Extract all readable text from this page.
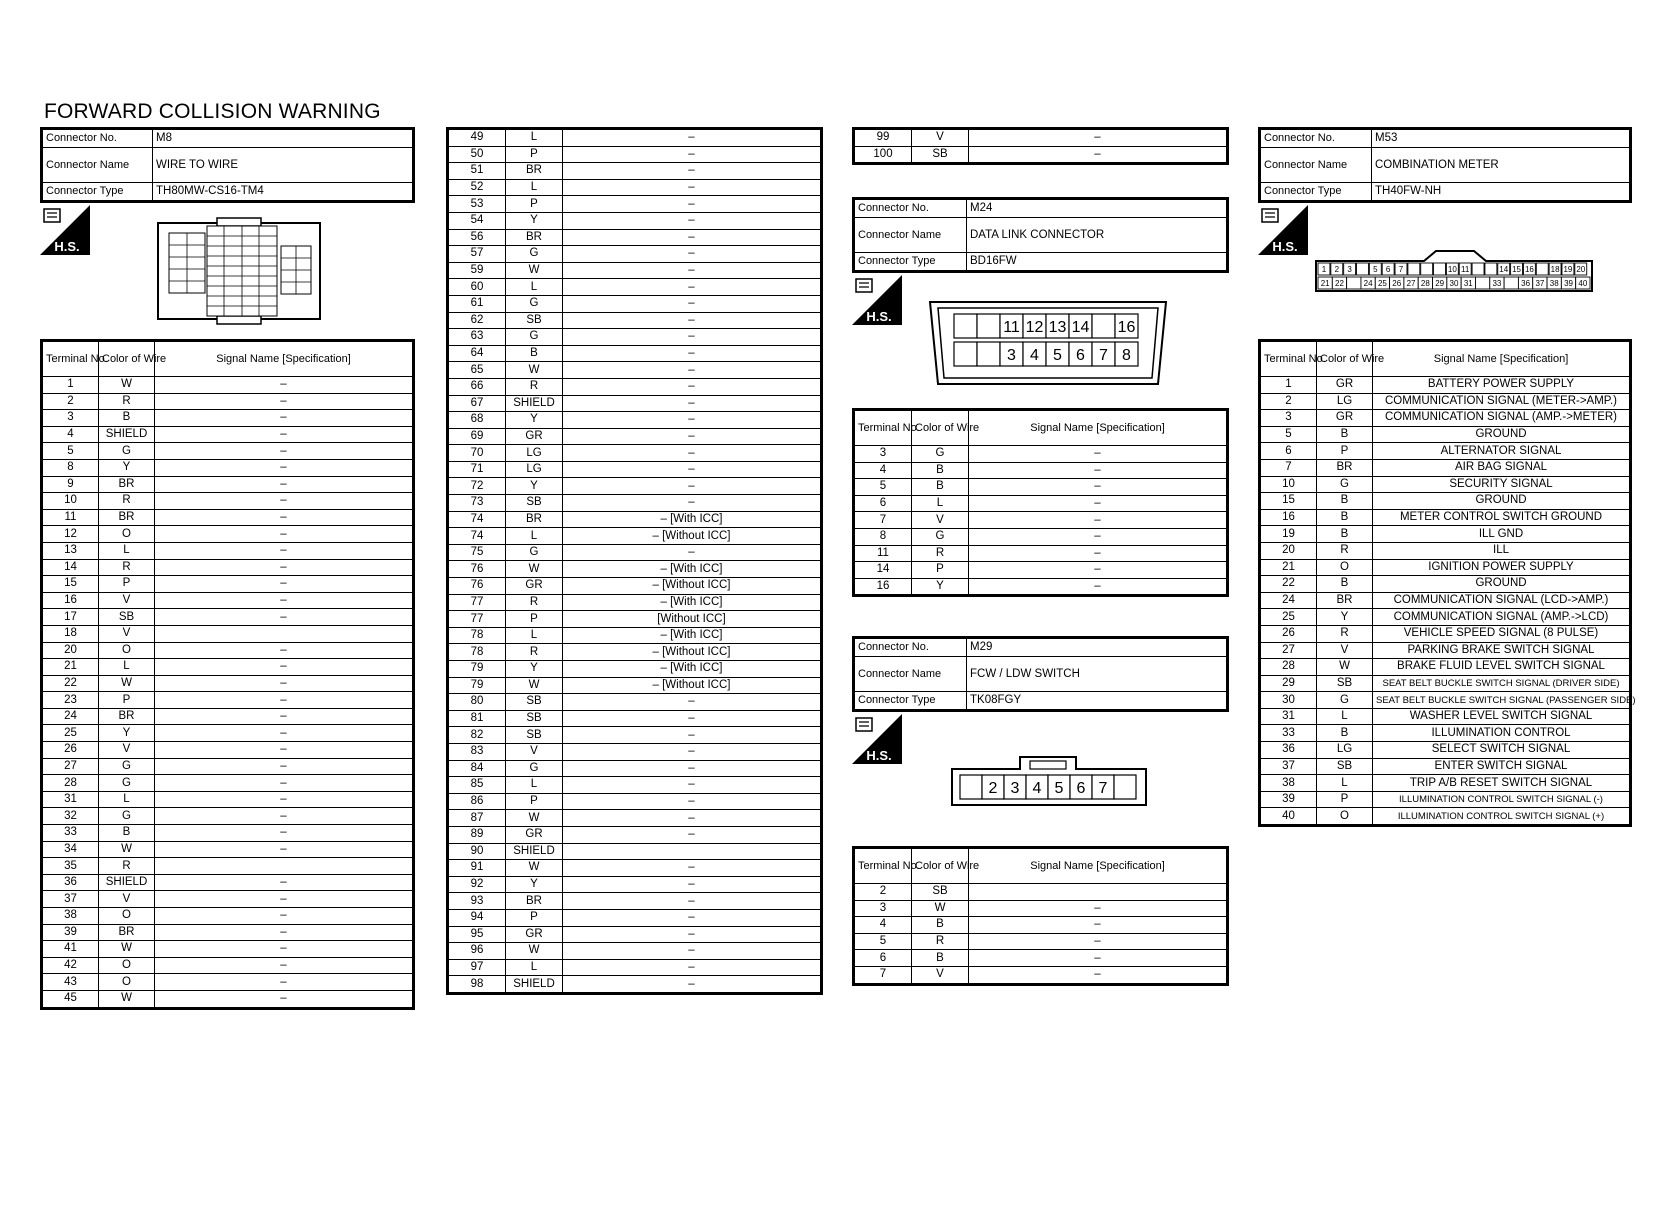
FORWARD COLLISION WARNING
Connector No.	M8
Connector Name	WIRE TO WIRE
Connector Type	TH80MW-CS16-TM4
H.S.
Terminal No.	Color of Wire	Signal Name [Specification]
1	W	–
2	R	–
3	B	–
4	SHIELD	–
5	G	–
8	Y	–
9	BR	–
10	R	–
11	BR	–
12	O	–
13	L	–
14	R	–
15	P	–
16	V	–
17	SB	–
18	V	
20	O	–
21	L	–
22	W	–
23	P	–
24	BR	–
25	Y	–
26	V	–
27	G	–
28	G	–
31	L	–
32	G	–
33	B	–
34	W	–
35	R	
36	SHIELD	–
37	V	–
38	O	–
39	BR	–
41	W	–
42	O	–
43	O	–
45	W	–
49	L	–
50	P	–
51	BR	–
52	L	–
53	P	–
54	Y	–
56	BR	–
57	G	–
59	W	–
60	L	–
61	G	–
62	SB	–
63	G	–
64	B	–
65	W	–
66	R	–
67	SHIELD	–
68	Y	–
69	GR	–
70	LG	–
71	LG	–
72	Y	–
73	SB	–
74	BR	– [With ICC]
74	L	– [Without ICC]
75	G	–
76	W	– [With ICC]
76	GR	– [Without ICC]
77	R	– [With ICC]
77	P	[Without ICC]
78	L	– [With ICC]
78	R	– [Without ICC]
79	Y	– [With ICC]
79	W	– [Without ICC]
80	SB	–
81	SB	–
82	SB	–
83	V	–
84	G	–
85	L	–
86	P	–
87	W	–
89	GR	–
90	SHIELD	
91	W	–
92	Y	–
93	BR	–
94	P	–
95	GR	–
96	W	–
97	L	–
98	SHIELD	–
99	V	–
100	SB	–
Connector No.	M24
Connector Name	DATA LINK CONNECTOR
Connector Type	BD16FW
H.S.
11 12 13 14 16
3 4 5 6 7 8
Terminal No.	Color of Wire	Signal Name [Specification]
3	G	–
4	B	–
5	B	–
6	L	–
7	V	–
8	G	–
11	R	–
14	P	–
16	Y	–
Connector No.	M29
Connector Name	FCW / LDW SWITCH
Connector Type	TK08FGY
H.S.
2 3 4 5 6 7
Terminal No.	Color of Wire	Signal Name [Specification]
2	SB	
3	W	–
4	B	–
5	R	–
6	B	–
7	V	–
Connector No.	M53
Connector Name	COMBINATION METER
Connector Type	TH40FW-NH
H.S.
1 2 3	5 6 7	10 11	14 15 16 18 19 20
21 22 24 25 26 27 28 29 30 31 33 36 37 38 39 40
Terminal No.	Color of Wire	Signal Name [Specification]
1	GR	BATTERY POWER SUPPLY
2	LG	COMMUNICATION SIGNAL (METER->AMP.)
3	GR	COMMUNICATION SIGNAL (AMP.->METER)
5	B	GROUND
6	P	ALTERNATOR SIGNAL
7	BR	AIR BAG SIGNAL
10	G	SECURITY SIGNAL
15	B	GROUND
16	B	METER CONTROL SWITCH GROUND
19	B	ILL GND
20	R	ILL
21	O	IGNITION POWER SUPPLY
22	B	GROUND
24	BR	COMMUNICATION SIGNAL (LCD->AMP.)
25	Y	COMMUNICATION SIGNAL (AMP.->LCD)
26	R	VEHICLE SPEED SIGNAL (8 PULSE)
27	V	PARKING BRAKE SWITCH SIGNAL
28	W	BRAKE FLUID LEVEL SWITCH SIGNAL
29	SB	SEAT BELT BUCKLE SWITCH SIGNAL (DRIVER SIDE)
30	G	SEAT BELT BUCKLE SWITCH SIGNAL (PASSENGER SIDE)
31	L	WASHER LEVEL SWITCH SIGNAL
33	B	ILLUMINATION CONTROL
36	LG	SELECT SWITCH SIGNAL
37	SB	ENTER SWITCH SIGNAL
38	L	TRIP A/B RESET SWITCH SIGNAL
39	P	ILLUMINATION CONTROL SWITCH SIGNAL (-)
40	O	ILLUMINATION CONTROL SWITCH SIGNAL (+)
